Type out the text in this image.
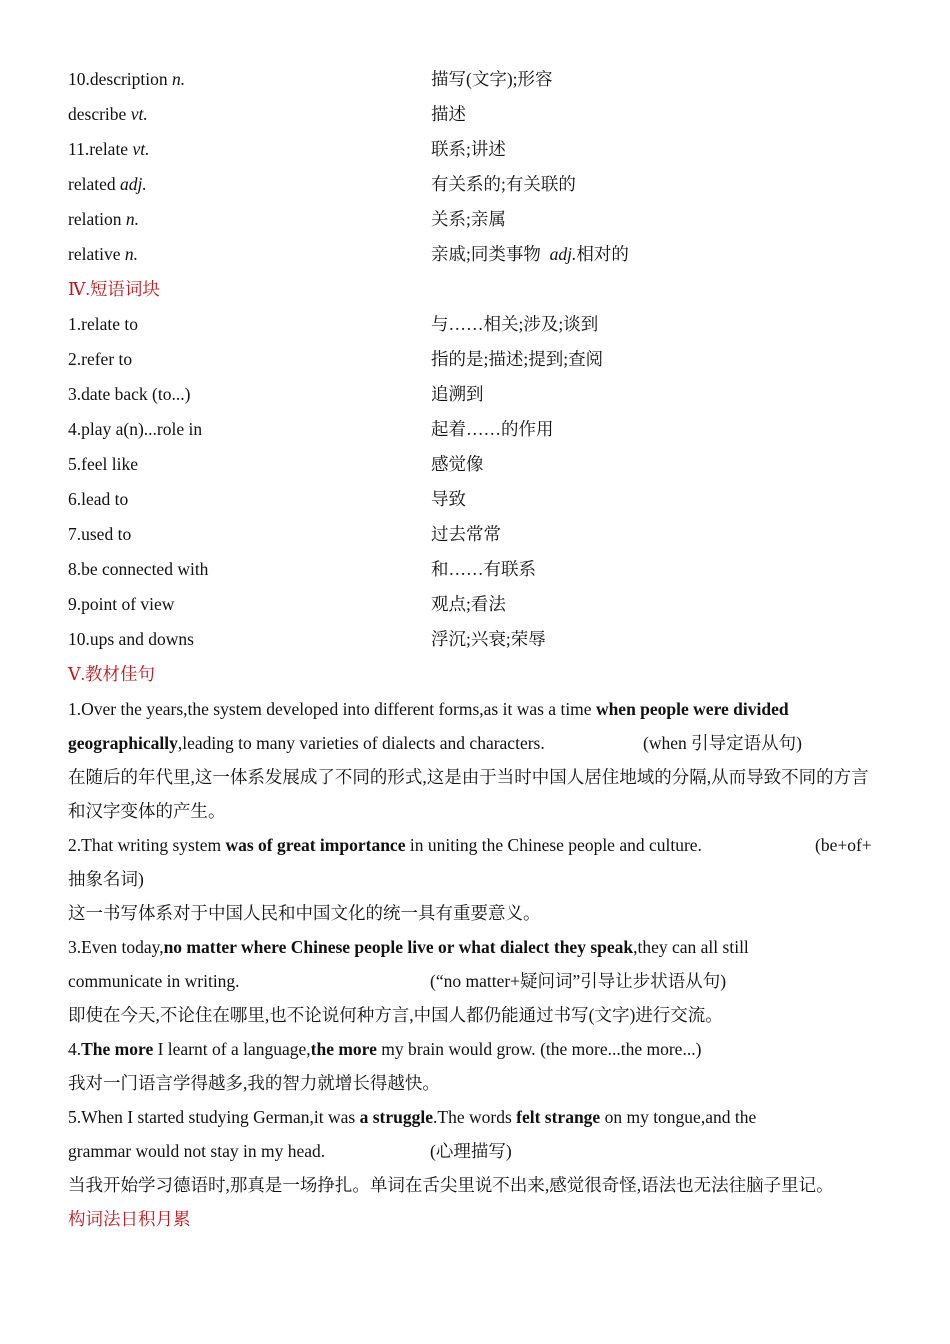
10.description n.	描写(文字);形容
describe vt.	描述
11.relate vt.	联系;讲述
related adj.	有关系的;有关联的
relation n.	关系;亲属
relative n.	亲戚;同类事物 adj.相对的
Ⅳ.短语词块
1.relate to	与……相关;涉及;谈到
2.refer to	指的是;描述;提到;查阅
3.date back (to...)	追溯到
4.play a(n)...role in	起着……的作用
5.feel like	感觉像
6.lead to	导致
7.used to	过去常常
8.be connected with	和……有联系
9.point of view	观点;看法
10.ups and downs	浮沉;兴衰;荣辱
Ⅴ.教材佳句
1.Over the years,the system developed into different forms,as it was a time when people were divided
geographically,leading to many varieties of dialects and characters.	(when 引导定语从句)
在随后的年代里,这一体系发展成了不同的形式,这是由于当时中国人居住地域的分隔,从而导致不同的方言和汉字变体的产生。
2.That writing system was of great importance in uniting the Chinese people and culture.	(be+of+
抽象名词)
这一书写体系对于中国人民和中国文化的统一具有重要意义。
3.Even today,no matter where Chinese people live or what dialect they speak,they can all still
communicate in writing.	(“no matter+疑问词”引导让步状语从句)
即使在今天,不论住在哪里,也不论说何种方言,中国人都仍能通过书写(文字)进行交流。
4.The more I learnt of a language,the more my brain would grow. (the more...the more...)
我对一门语言学得越多,我的智力就增长得越快。
5.When I started studying German,it was a struggle.The words felt strange on my tongue,and the
grammar would not stay in my head.	(心理描写)
当我开始学习德语时,那真是一场挣扎。单词在舌尖里说不出来,感觉很奇怪,语法也无法往脑子里记。
构词法日积月累
